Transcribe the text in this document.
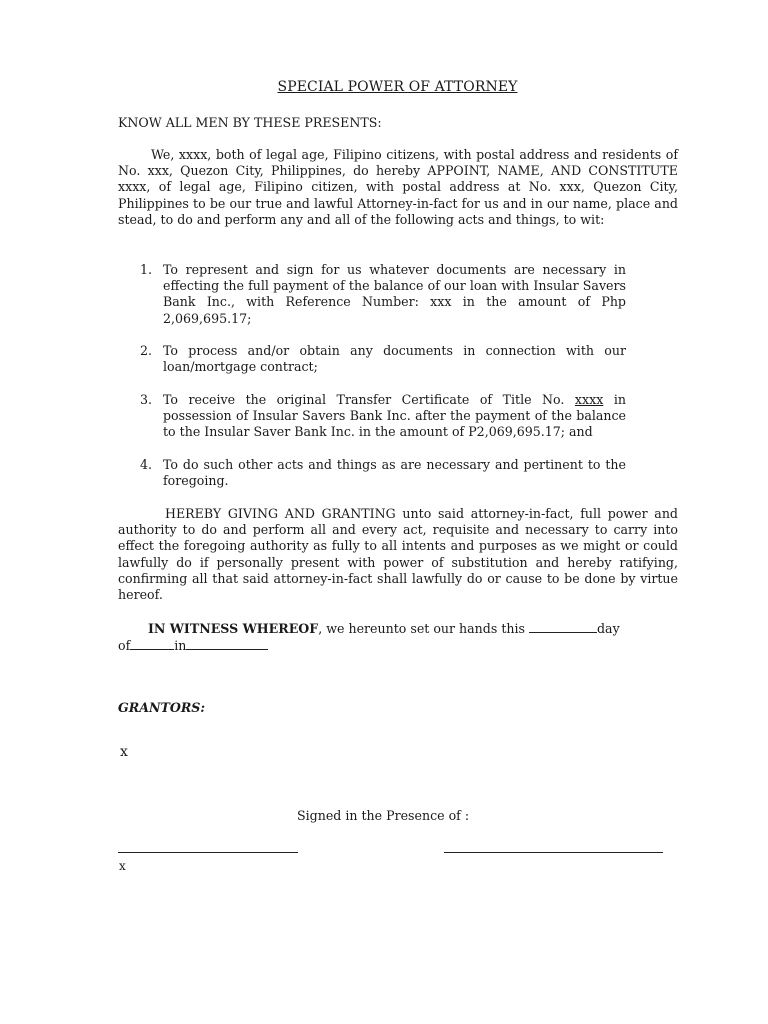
SPECIAL POWER OF ATTORNEY
KNOW ALL MEN BY THESE PRESENTS:
We, xxxx, both of legal age, Filipino citizens, with postal address and residents of No. xxx, Quezon City, Philippines, do hereby APPOINT, NAME, AND CONSTITUTE xxxx, of legal age, Filipino citizen, with postal address at No. xxx, Quezon City, Philippines to be our true and lawful Attorney-in-fact for us and in our name, place and stead, to do and perform any and all of the following acts and things, to wit:
1. To represent and sign for us whatever documents are necessary in effecting the full payment of the balance of our loan with Insular Savers Bank Inc., with Reference Number: xxx in the amount of Php 2,069,695.17;
2. To process and/or obtain any documents in connection with our loan/mortgage contract;
3. To receive the original Transfer Certificate of Title No. xxxx in possession of Insular Savers Bank Inc. after the payment of the balance to the Insular Saver Bank Inc. in the amount of P2,069,695.17; and
4. To do such other acts and things as are necessary and pertinent to the foregoing.
HEREBY GIVING AND GRANTING unto said attorney-in-fact, full power and authority to do and perform all and every act, requisite and necessary to carry into effect the foregoing authority as fully to all intents and purposes as we might or could lawfully do if personally present with power of substitution and hereby ratifying, confirming all that said attorney-in-fact shall lawfully do or cause to be done by virtue hereof.
IN WITNESS WHEREOF, we hereunto set our hands this	day
of	in
GRANTORS:
x
Signed in the Presence of :
x
